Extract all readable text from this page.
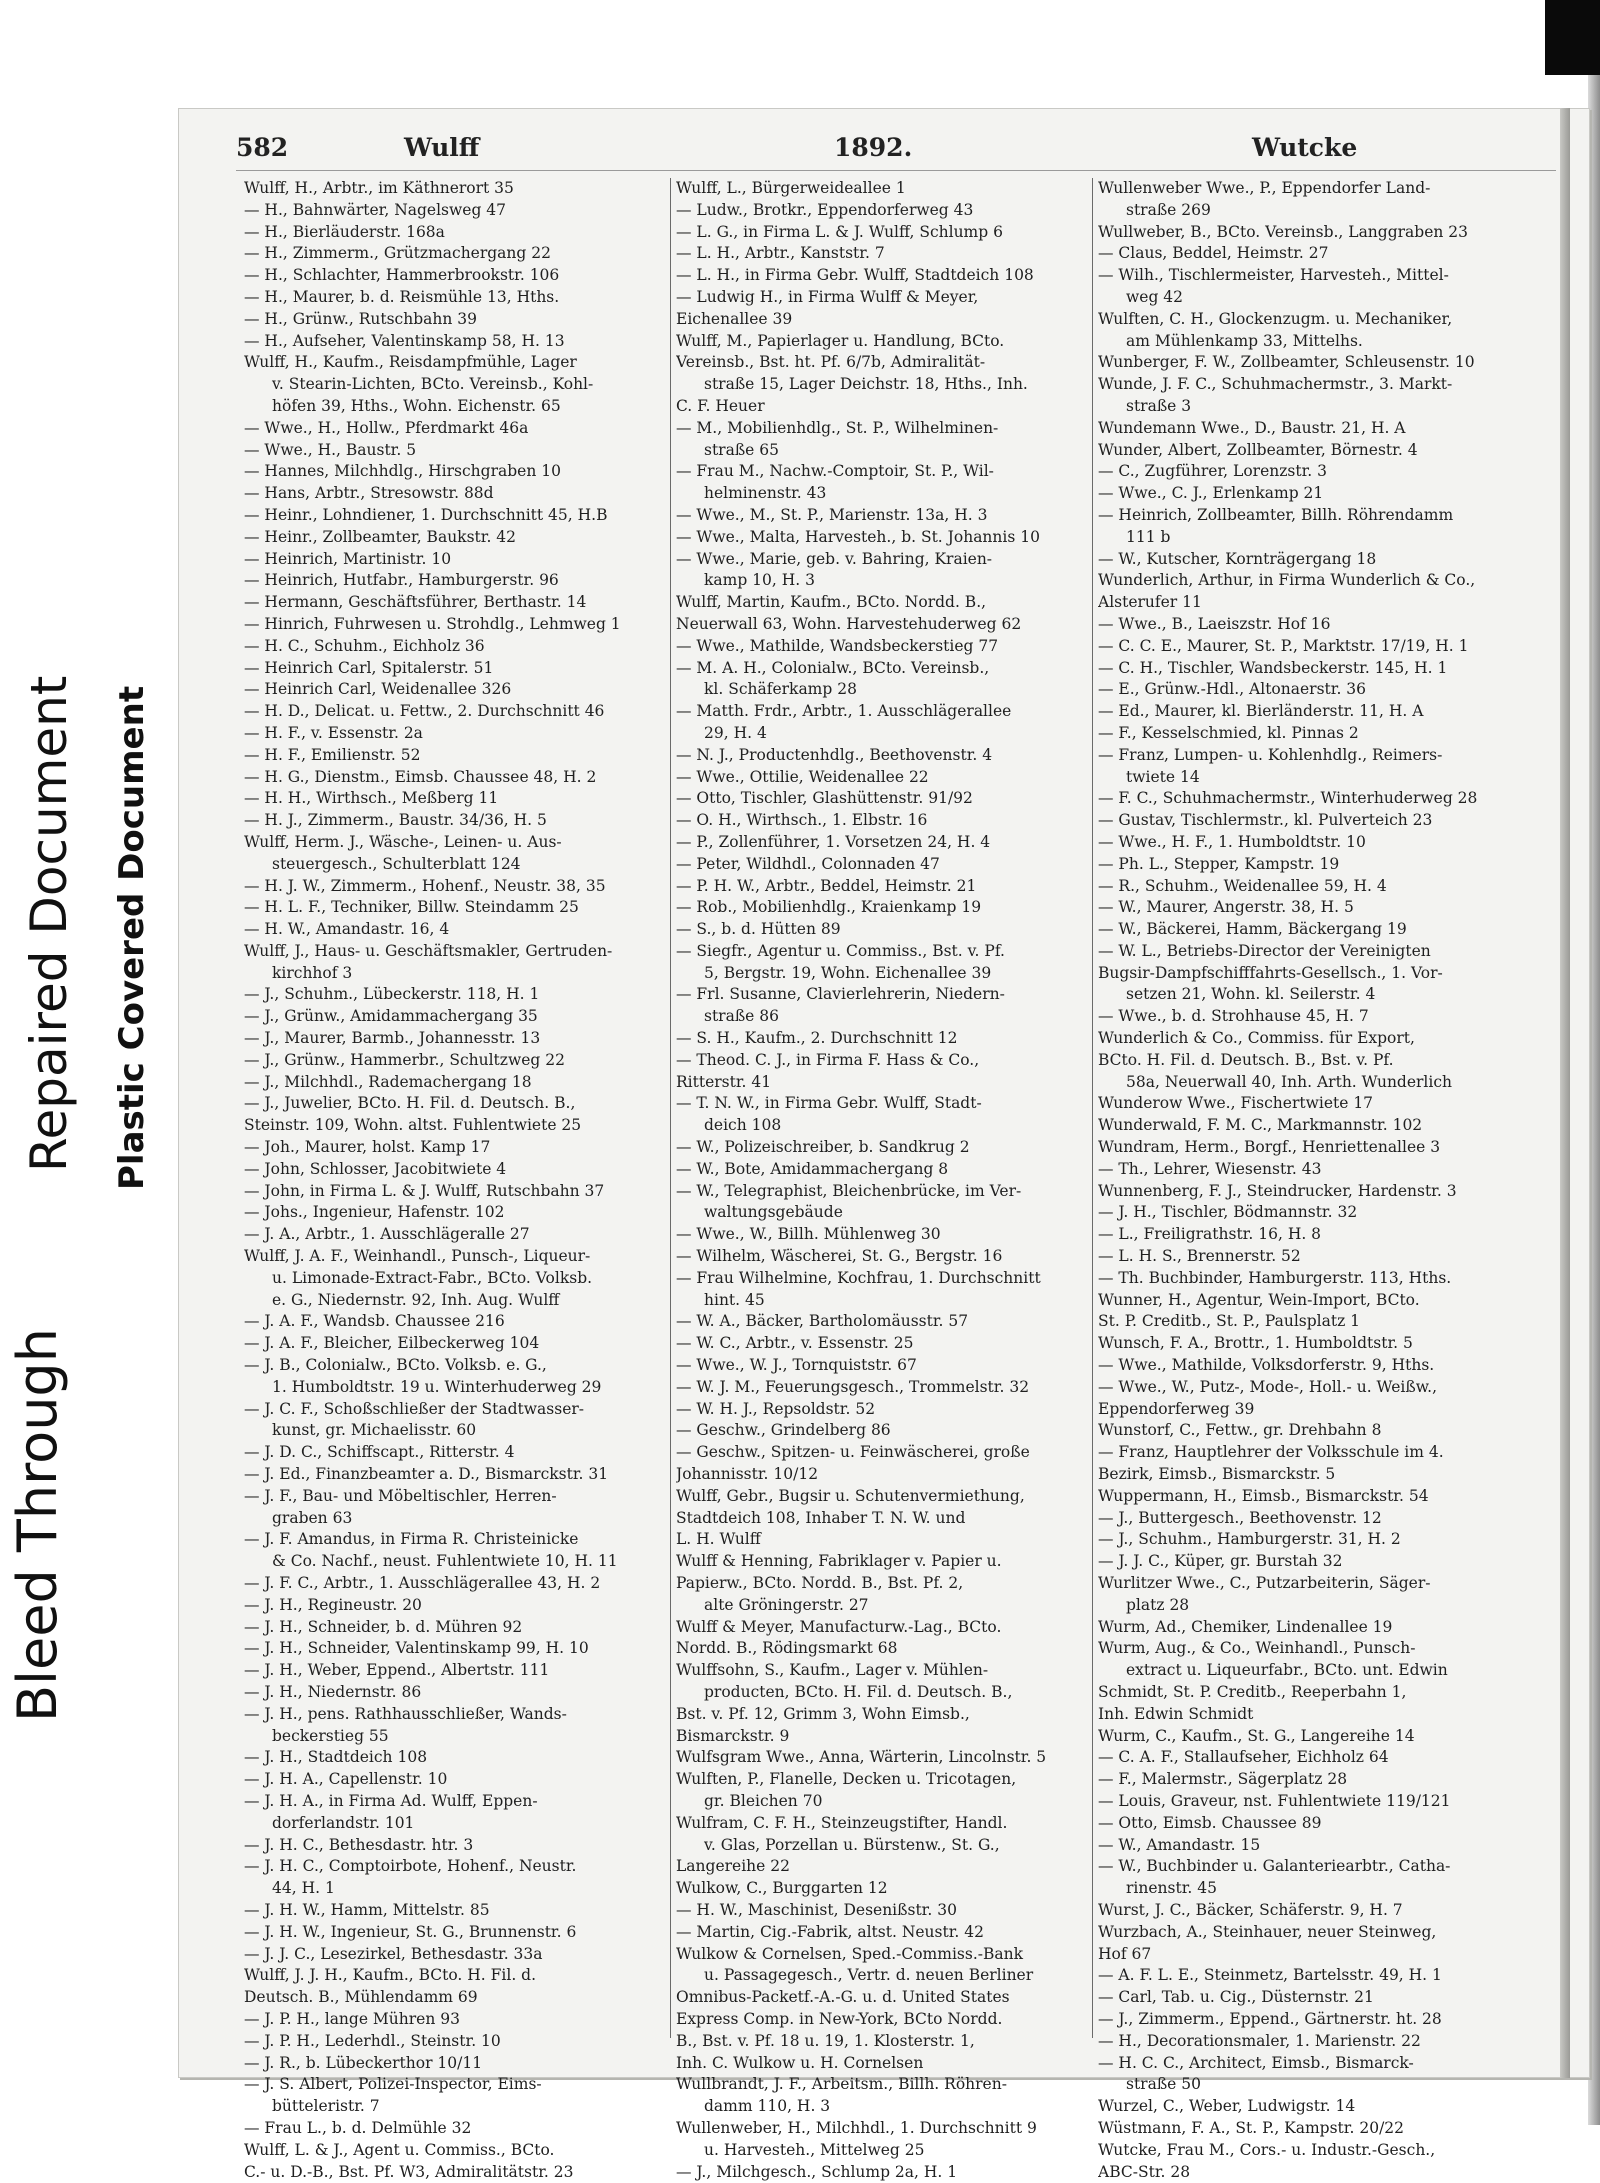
Bleed Through
Repaired Document Plastic Covered Document
582	Wulff	1892.	Wutcke
Wulff, H., Arbtr., im Käthnerort 35
— H., Bahnwärter, Nagelsweg 47
— H., Bierläuderstr. 168a
— H., Zimmerm., Grützmachergang 22
— H., Schlachter, Hammerbrookstr. 106
— H., Maurer, b. d. Reismühle 13, Hths.
— H., Grünw., Rutschbahn 39
— H., Aufseher, Valentinskamp 58, H. 13
Wulff, H., Kaufm., Reisdampfmühle, Lager
v. Stearin-Lichten, BCto. Vereinsb., Kohl-
höfen 39, Hths., Wohn. Eichenstr. 65
— Wwe., H., Hollw., Pferdmarkt 46a
— Wwe., H., Baustr. 5
— Hannes, Milchhdlg., Hirschgraben 10
— Hans, Arbtr., Stresowstr. 88d
— Heinr., Lohndiener, 1. Durchschnitt 45, H.B
— Heinr., Zollbeamter, Baukstr. 42
— Heinrich, Martinistr. 10
— Heinrich, Hutfabr., Hamburgerstr. 96
— Hermann, Geschäftsführer, Berthastr. 14
— Hinrich, Fuhrwesen u. Strohdlg., Lehmweg 1
— H. C., Schuhm., Eichholz 36
— Heinrich Carl, Spitalerstr. 51
— Heinrich Carl, Weidenallee 326
— H. D., Delicat. u. Fettw., 2. Durchschnitt 46
— H. F., v. Essenstr. 2a
— H. F., Emilienstr. 52
— H. G., Dienstm., Eimsb. Chaussee 48, H. 2
— H. H., Wirthsch., Meßberg 11
— H. J., Zimmerm., Baustr. 34/36, H. 5
Wulff, Herm. J., Wäsche-, Leinen- u. Aus-
steuergesch., Schulterblatt 124
— H. J. W., Zimmerm., Hohenf., Neustr. 38, 35
— H. L. F., Techniker, Billw. Steindamm 25
— H. W., Amandastr. 16, 4
Wulff, J., Haus- u. Geschäftsmakler, Gertruden-
kirchhof 3
— J., Schuhm., Lübeckerstr. 118, H. 1
— J., Grünw., Amidammachergang 35
— J., Maurer, Barmb., Johannesstr. 13
— J., Grünw., Hammerbr., Schultzweg 22
— J., Milchhdl., Rademachergang 18
— J., Juwelier, BCto. H. Fil. d. Deutsch. B.,
Steinstr. 109, Wohn. altst. Fuhlentwiete 25
— Joh., Maurer, holst. Kamp 17
— John, Schlosser, Jacobitwiete 4
— John, in Firma L. & J. Wulff, Rutschbahn 37
— Johs., Ingenieur, Hafenstr. 102
— J. A., Arbtr., 1. Ausschlägeralle 27
Wulff, J. A. F., Weinhandl., Punsch-, Liqueur-
u. Limonade-Extract-Fabr., BCto. Volksb.
e. G., Niedernstr. 92, Inh. Aug. Wulff
— J. A. F., Wandsb. Chaussee 216
— J. A. F., Bleicher, Eilbeckerweg 104
— J. B., Colonialw., BCto. Volksb. e. G.,
1. Humboldtstr. 19 u. Winterhuderweg 29
— J. C. F., Schoßschließer der Stadtwasser-
kunst, gr. Michaelisstr. 60
— J. D. C., Schiffscapt., Ritterstr. 4
— J. Ed., Finanzbeamter a. D., Bismarckstr. 31
— J. F., Bau- und Möbeltischler, Herren-
graben 63
— J. F. Amandus, in Firma R. Christeinicke
& Co. Nachf., neust. Fuhlentwiete 10, H. 11
— J. F. C., Arbtr., 1. Ausschlägerallee 43, H. 2
— J. H., Regineustr. 20
— J. H., Schneider, b. d. Mühren 92
— J. H., Schneider, Valentinskamp 99, H. 10
— J. H., Weber, Eppend., Albertstr. 111
— J. H., Niedernstr. 86
— J. H., pens. Rathhausschließer, Wands-
beckerstieg 55
— J. H., Stadtdeich 108
— J. H. A., Capellenstr. 10
— J. H. A., in Firma Ad. Wulff, Eppen-
dorferlandstr. 101
— J. H. C., Bethesdastr. htr. 3
— J. H. C., Comptoirbote, Hohenf., Neustr.
44, H. 1
— J. H. W., Hamm, Mittelstr. 85
— J. H. W., Ingenieur, St. G., Brunnenstr. 6
— J. J. C., Lesezirkel, Bethesdastr. 33a
Wulff, J. J. H., Kaufm., BCto. H. Fil. d.
Deutsch. B., Mühlendamm 69
— J. P. H., lange Mühren 93
— J. P. H., Lederhdl., Steinstr. 10
— J. R., b. Lübeckerthor 10/11
— J. S. Albert, Polizei-Inspector, Eims-
bütteleristr. 7
— Frau L., b. d. Delmühle 32
Wulff, L. & J., Agent u. Commiss., BCto.
C.- u. D.-B., Bst. Pf. W3, Admiralitätstr. 23
Wulff, L., Bürgerweideallee 1
— Ludw., Brotkr., Eppendorferweg 43
— L. G., in Firma L. & J. Wulff, Schlump 6
— L. H., Arbtr., Kanststr. 7
— L. H., in Firma Gebr. Wulff, Stadtdeich 108
— Ludwig H., in Firma Wulff & Meyer,
Eichenallee 39
Wulff, M., Papierlager u. Handlung, BCto.
Vereinsb., Bst. ht. Pf. 6/7b, Admiralität-
straße 15, Lager Deichstr. 18, Hths., Inh.
C. F. Heuer
— M., Mobilienhdlg., St. P., Wilhelminen-
straße 65
— Frau M., Nachw.-Comptoir, St. P., Wil-
helminenstr. 43
— Wwe., M., St. P., Marienstr. 13a, H. 3
— Wwe., Malta, Harvesteh., b. St. Johannis 10
— Wwe., Marie, geb. v. Bahring, Kraien-
kamp 10, H. 3
Wulff, Martin, Kaufm., BCto. Nordd. B.,
Neuerwall 63, Wohn. Harvestehuderweg 62
— Wwe., Mathilde, Wandsbeckerstieg 77
— M. A. H., Colonialw., BCto. Vereinsb.,
kl. Schäferkamp 28
— Matth. Frdr., Arbtr., 1. Ausschlägerallee
29, H. 4
— N. J., Productenhdlg., Beethovenstr. 4
— Wwe., Ottilie, Weidenallee 22
— Otto, Tischler, Glashüttenstr. 91/92
— O. H., Wirthsch., 1. Elbstr. 16
— P., Zollenführer, 1. Vorsetzen 24, H. 4
— Peter, Wildhdl., Colonnaden 47
— P. H. W., Arbtr., Beddel, Heimstr. 21
— Rob., Mobilienhdlg., Kraienkamp 19
— S., b. d. Hütten 89
— Siegfr., Agentur u. Commiss., Bst. v. Pf.
5, Bergstr. 19, Wohn. Eichenallee 39
— Frl. Susanne, Clavierlehrerin, Niedern-
straße 86
— S. H., Kaufm., 2. Durchschnitt 12
— Theod. C. J., in Firma F. Hass & Co.,
Ritterstr. 41
— T. N. W., in Firma Gebr. Wulff, Stadt-
deich 108
— W., Polizeischreiber, b. Sandkrug 2
— W., Bote, Amidammachergang 8
— W., Telegraphist, Bleichenbrücke, im Ver-
waltungsgebäude
— Wwe., W., Billh. Mühlenweg 30
— Wilhelm, Wäscherei, St. G., Bergstr. 16
— Frau Wilhelmine, Kochfrau, 1. Durchschnitt
hint. 45
— W. A., Bäcker, Bartholomäusstr. 57
— W. C., Arbtr., v. Essenstr. 25
— Wwe., W. J., Tornquiststr. 67
— W. J. M., Feuerungsgesch., Trommelstr. 32
— W. H. J., Repsoldstr. 52
— Geschw., Grindelberg 86
— Geschw., Spitzen- u. Feinwäscherei, große
Johannisstr. 10/12
Wulff, Gebr., Bugsir u. Schutenvermiethung,
Stadtdeich 108, Inhaber T. N. W. und
L. H. Wulff
Wulff & Henning, Fabriklager v. Papier u.
Papierw., BCto. Nordd. B., Bst. Pf. 2,
alte Gröningerstr. 27
Wulff & Meyer, Manufacturw.-Lag., BCto.
Nordd. B., Rödingsmarkt 68
Wulffsohn, S., Kaufm., Lager v. Mühlen-
producten, BCto. H. Fil. d. Deutsch. B.,
Bst. v. Pf. 12, Grimm 3, Wohn Eimsb.,
Bismarckstr. 9
Wulfsgram Wwe., Anna, Wärterin, Lincolnstr. 5
Wulften, P., Flanelle, Decken u. Tricotagen,
gr. Bleichen 70
Wulfram, C. F. H., Steinzeugstifter, Handl.
v. Glas, Porzellan u. Bürstenw., St. G.,
Langereihe 22
Wulkow, C., Burggarten 12
— H. W., Maschinist, Desenißstr. 30
— Martin, Cig.-Fabrik, altst. Neustr. 42
Wulkow & Cornelsen, Sped.-Commiss.-Bank
u. Passagegesch., Vertr. d. neuen Berliner
Omnibus-Packetf.-A.-G. u. d. United States
Express Comp. in New-York, BCto Nordd.
B., Bst. v. Pf. 18 u. 19, 1. Klosterstr. 1,
Inh. C. Wulkow u. H. Cornelsen
Wullbrandt, J. F., Arbeitsm., Billh. Röhren-
damm 110, H. 3
Wullenweber, H., Milchhdl., 1. Durchschnitt 9
u. Harvesteh., Mittelweg 25
— J., Milchgesch., Schlump 2a, H. 1
Wullenweber Wwe., P., Eppendorfer Land-
straße 269
Wullweber, B., BCto. Vereinsb., Langgraben 23
— Claus, Beddel, Heimstr. 27
— Wilh., Tischlermeister, Harvesteh., Mittel-
weg 42
Wulften, C. H., Glockenzugm. u. Mechaniker,
am Mühlenkamp 33, Mittelhs.
Wunberger, F. W., Zollbeamter, Schleusenstr. 10
Wunde, J. F. C., Schuhmachermstr., 3. Markt-
straße 3
Wundemann Wwe., D., Baustr. 21, H. A
Wunder, Albert, Zollbeamter, Börnestr. 4
— C., Zugführer, Lorenzstr. 3
— Wwe., C. J., Erlenkamp 21
— Heinrich, Zollbeamter, Billh. Röhrendamm
111 b
— W., Kutscher, Kornträgergang 18
Wunderlich, Arthur, in Firma Wunderlich & Co.,
Alsterufer 11
— Wwe., B., Laeiszstr. Hof 16
— C. C. E., Maurer, St. P., Marktstr. 17/19, H. 1
— C. H., Tischler, Wandsbeckerstr. 145, H. 1
— E., Grünw.-Hdl., Altonaerstr. 36
— Ed., Maurer, kl. Bierländerstr. 11, H. A
— F., Kesselschmied, kl. Pinnas 2
— Franz, Lumpen- u. Kohlenhdlg., Reimers-
twiete 14
— F. C., Schuhmachermstr., Winterhuderweg 28
— Gustav, Tischlermstr., kl. Pulverteich 23
— Wwe., H. F., 1. Humboldtstr. 10
— Ph. L., Stepper, Kampstr. 19
— R., Schuhm., Weidenallee 59, H. 4
— W., Maurer, Angerstr. 38, H. 5
— W., Bäckerei, Hamm, Bäckergang 19
— W. L., Betriebs-Director der Vereinigten
Bugsir-Dampfschifffahrts-Gesellsch., 1. Vor-
setzen 21, Wohn. kl. Seilerstr. 4
— Wwe., b. d. Strohhause 45, H. 7
Wunderlich & Co., Commiss. für Export,
BCto. H. Fil. d. Deutsch. B., Bst. v. Pf.
58a, Neuerwall 40, Inh. Arth. Wunderlich
Wunderow Wwe., Fischertwiete 17
Wunderwald, F. M. C., Markmannstr. 102
Wundram, Herm., Borgf., Henriettenallee 3
— Th., Lehrer, Wiesenstr. 43
Wunnenberg, F. J., Steindrucker, Hardenstr. 3
— J. H., Tischler, Bödmannstr. 32
— L., Freiligrathstr. 16, H. 8
— L. H. S., Brennerstr. 52
— Th. Buchbinder, Hamburgerstr. 113, Hths.
Wunner, H., Agentur, Wein-Import, BCto.
St. P. Creditb., St. P., Paulsplatz 1
Wunsch, F. A., Brottr., 1. Humboldtstr. 5
— Wwe., Mathilde, Volksdorferstr. 9, Hths.
— Wwe., W., Putz-, Mode-, Holl.- u. Weißw.,
Eppendorferweg 39
Wunstorf, C., Fettw., gr. Drehbahn 8
— Franz, Hauptlehrer der Volksschule im 4.
Bezirk, Eimsb., Bismarckstr. 5
Wuppermann, H., Eimsb., Bismarckstr. 54
— J., Buttergesch., Beethovenstr. 12
— J., Schuhm., Hamburgerstr. 31, H. 2
— J. J. C., Küper, gr. Burstah 32
Wurlitzer Wwe., C., Putzarbeiterin, Säger-
platz 28
Wurm, Ad., Chemiker, Lindenallee 19
Wurm, Aug., & Co., Weinhandl., Punsch-
extract u. Liqueurfabr., BCto. unt. Edwin
Schmidt, St. P. Creditb., Reeperbahn 1,
Inh. Edwin Schmidt
Wurm, C., Kaufm., St. G., Langereihe 14
— C. A. F., Stallaufseher, Eichholz 64
— F., Malermstr., Sägerplatz 28
— Louis, Graveur, nst. Fuhlentwiete 119/121
— Otto, Eimsb. Chaussee 89
— W., Amandastr. 15
— W., Buchbinder u. Galanteriearbtr., Catha-
rinenstr. 45
Wurst, J. C., Bäcker, Schäferstr. 9, H. 7
Wurzbach, A., Steinhauer, neuer Steinweg,
Hof 67
— A. F. L. E., Steinmetz, Bartelsstr. 49, H. 1
— Carl, Tab. u. Cig., Düsternstr. 21
— J., Zimmerm., Eppend., Gärtnerstr. ht. 28
— H., Decorationsmaler, 1. Marienstr. 22
— H. C. C., Architect, Eimsb., Bismarck-
straße 50
Wurzel, C., Weber, Ludwigstr. 14
Wüstmann, F. A., St. P., Kampstr. 20/22
Wutcke, Frau M., Cors.- u. Industr.-Gesch.,
ABC-Str. 28
